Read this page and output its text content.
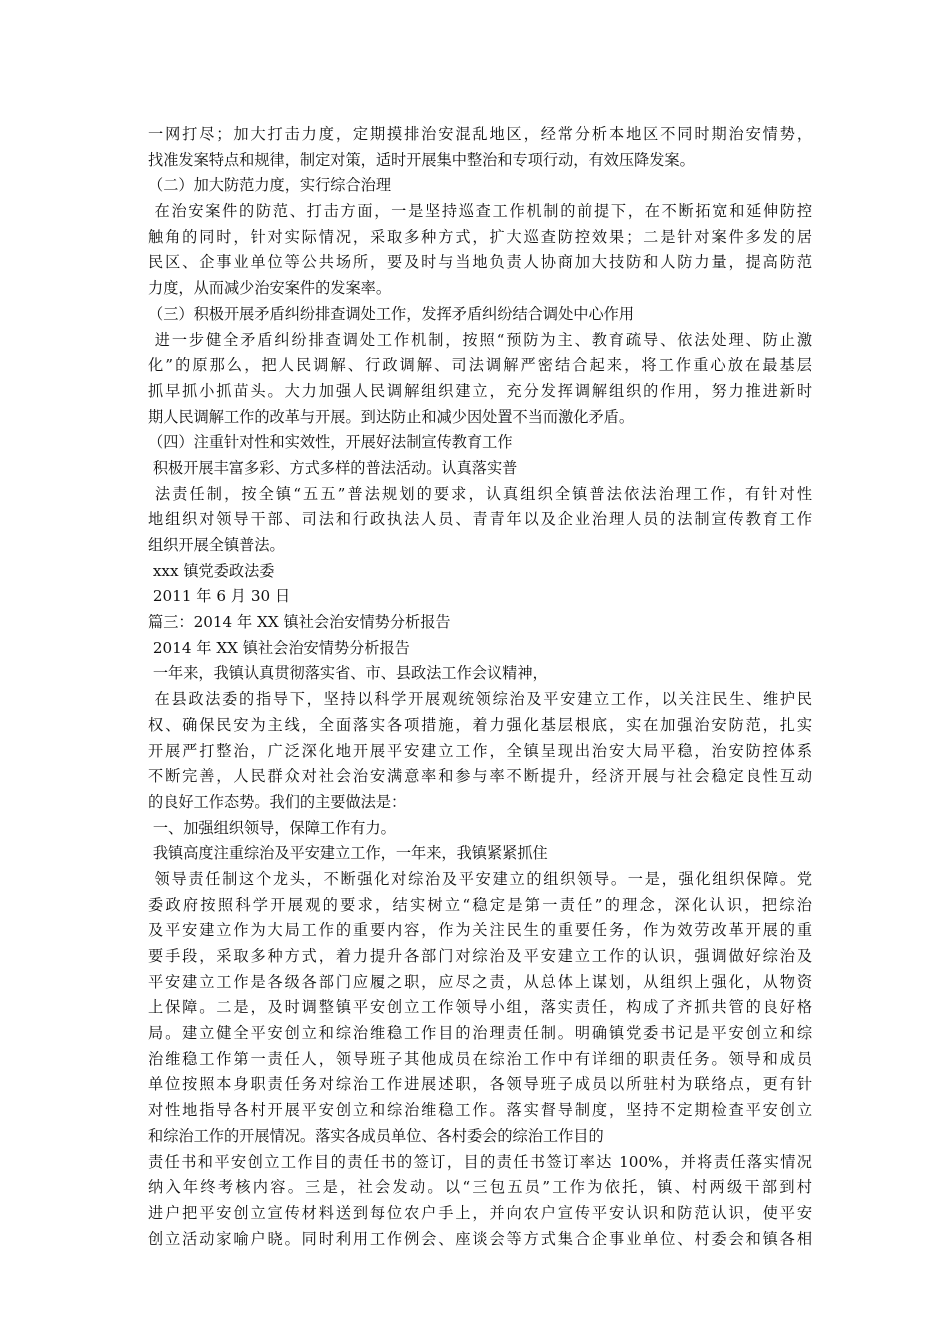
一网打尽；加大打击力度，定期摸排治安混乱地区，经常分析本地区不同时期治安情势，
找准发案特点和规律，制定对策，适时开展集中整治和专项行动，有效压降发案。
（二）加大防范力度，实行综合治理
在治安案件的防范、打击方面，一是坚持巡查工作机制的前提下，在不断拓宽和延伸防控
触角的同时，针对实际情况，采取多种方式，扩大巡查防控效果；二是针对案件多发的居
民区、企事业单位等公共场所，要及时与当地负责人协商加大技防和人防力量，提高防范
力度，从而减少治安案件的发案率。
（三）积极开展矛盾纠纷排查调处工作，发挥矛盾纠纷结合调处中心作用
进一步健全矛盾纠纷排查调处工作机制，按照“预防为主、教育疏导、依法处理、防止激
化”的原那么，把人民调解、行政调解、司法调解严密结合起来，将工作重心放在最基层
抓早抓小抓苗头。大力加强人民调解组织建立，充分发挥调解组织的作用，努力推进新时
期人民调解工作的改革与开展。到达防止和减少因处置不当而激化矛盾。
（四）注重针对性和实效性，开展好法制宣传教育工作
积极开展丰富多彩、方式多样的普法活动。认真落实普
法责任制，按全镇“五五”普法规划的要求，认真组织全镇普法依法治理工作，有针对性
地组织对领导干部、司法和行政执法人员、青青年以及企业治理人员的法制宣传教育工作
组织开展全镇普法。
xxx 镇党委政法委
2011 年 6 月 30 日
篇三：2014 年 XX 镇社会治安情势分析报告
2014 年 XX 镇社会治安情势分析报告
一年来，我镇认真贯彻落实省、市、县政法工作会议精神，
在县政法委的指导下，坚持以科学开展观统领综治及平安建立工作，以关注民生、维护民
权、确保民安为主线，全面落实各项措施，着力强化基层根底，实在加强治安防范，扎实
开展严打整治，广泛深化地开展平安建立工作，全镇呈现出治安大局平稳，治安防控体系
不断完善，人民群众对社会治安满意率和参与率不断提升，经济开展与社会稳定良性互动
的良好工作态势。我们的主要做法是：
一、加强组织领导，保障工作有力。
我镇高度注重综治及平安建立工作，一年来，我镇紧紧抓住
领导责任制这个龙头，不断强化对综治及平安建立的组织领导。一是，强化组织保障。党
委政府按照科学开展观的要求，结实树立“稳定是第一责任”的理念，深化认识，把综治
及平安建立作为大局工作的重要内容，作为关注民生的重要任务，作为效劳改革开展的重
要手段，采取多种方式，着力提升各部门对综治及平安建立工作的认识，强调做好综治及
平安建立工作是各级各部门应履之职，应尽之责，从总体上谋划，从组织上强化，从物资
上保障。二是，及时调整镇平安创立工作领导小组，落实责任，构成了齐抓共管的良好格
局。建立健全平安创立和综治维稳工作目的治理责任制。明确镇党委书记是平安创立和综
治维稳工作第一责任人，领导班子其他成员在综治工作中有详细的职责任务。领导和成员
单位按照本身职责任务对综治工作进展述职，各领导班子成员以所驻村为联络点，更有针
对性地指导各村开展平安创立和综治维稳工作。落实督导制度，坚持不定期检查平安创立
和综治工作的开展情况。落实各成员单位、各村委会的综治工作目的
责任书和平安创立工作目的责任书的签订，目的责任书签订率达 100%，并将责任落实情况
纳入年终考核内容。三是，社会发动。以“三包五员”工作为依托，镇、村两级干部到村
进户把平安创立宣传材料送到每位农户手上，并向农户宣传平安认识和防范认识，使平安
创立活动家喻户晓。同时利用工作例会、座谈会等方式集合企事业单位、村委会和镇各相
